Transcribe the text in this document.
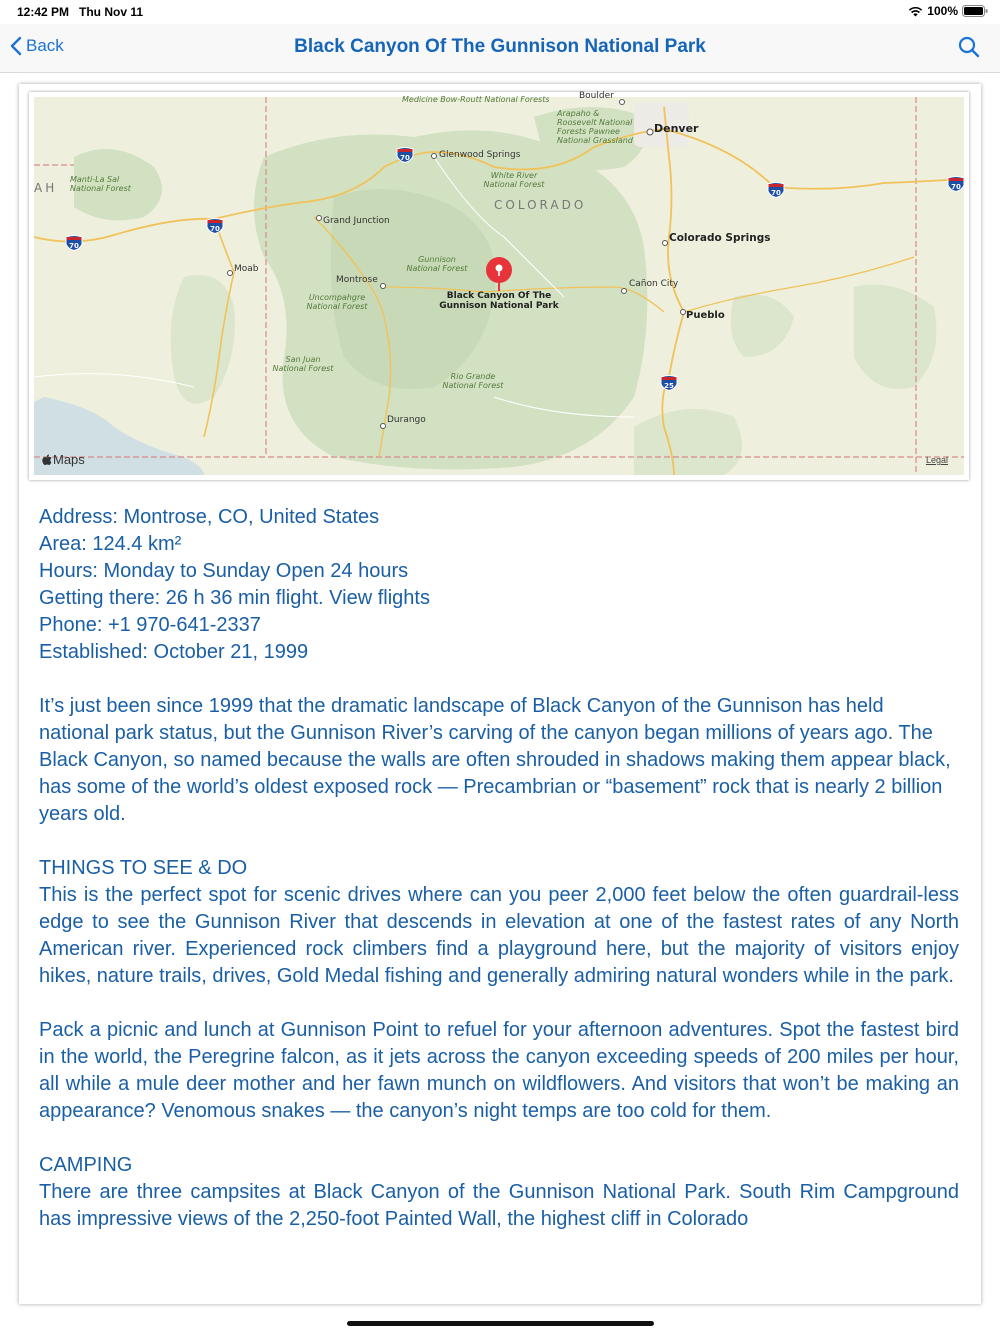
12:42 PM Thu Nov 11	100%
Back	Black Canyon Of The Gunnison National Park
Medicine Bow-Routt National Forests	Boulder
Arapaho & Roosevelt National Forests Pawnee National Grassland
Denver
Glenwood Springs
White River National Forest
AH
Manti-La Sal National Forest
COLORADO
Grand Junction
Colorado Springs
Moab
Gunnison National Forest
Montrose
Uncompahgre National Forest
Black Canyon Of The Gunnison National Park
Cañon City
Pueblo
San Juan National Forest
Rio Grande National Forest
Durango
70
70
70
70
70
25
Maps	Legal

Address: Montrose, CO, United States

Area: 124.4 km²

Hours: Monday to Sunday Open 24 hours

Getting there: 26 h 36 min flight. View flights

Phone: +1 970-641-2337

Established: October 21, 1999

It’s just been since 1999 that the dramatic landscape of Black Canyon of the Gunnison has held national park status, but the Gunnison River’s carving of the canyon began millions of years ago. The Black Canyon, so named because the walls are often shrouded in shadows making them appear black, has some of the world’s oldest exposed rock — Precambrian or “basement” rock that is nearly 2 billion years old.

THINGS TO SEE & DO

This is the perfect spot for scenic drives where can you peer 2,000 feet below the often guardrail-less edge to see the Gunnison River that descends in elevation at one of the fastest rates of any North American river. Experienced rock climbers find a playground here, but the majority of visitors enjoy hikes, nature trails, drives, Gold Medal fishing and generally admiring natural wonders while in the park.

Pack a picnic and lunch at Gunnison Point to refuel for your afternoon adventures. Spot the fastest bird in the world, the Peregrine falcon, as it jets across the canyon exceeding speeds of 200 miles per hour, all while a mule deer mother and her fawn munch on wildflowers. And visitors that won’t be making an appearance? Venomous snakes — the canyon’s night temps are too cold for them.

CAMPING

There are three campsites at Black Canyon of the Gunnison National Park. South Rim Campground has impressive views of the 2,250-foot Painted Wall, the highest cliff in Colorado
